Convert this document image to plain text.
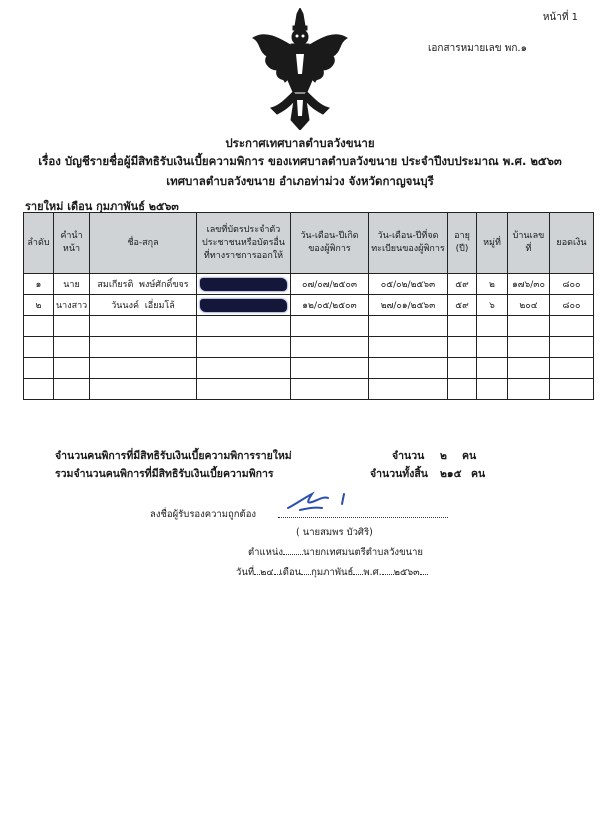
หน้าที่ 1
เอกสารหมายเลข พก.๑
ประกาศเทศบาลตำบลวังขนาย
เรื่อง บัญชีรายชื่อผู้มีสิทธิรับเงินเบี้ยความพิการ ของเทศบาลตำบลวังขนาย ประจำปีงบประมาณ พ.ศ. ๒๕๖๓
เทศบาลตำบลวังขนาย อำเภอท่าม่วง จังหวัดกาญจนบุรี
รายใหม่ เดือน กุมภาพันธ์ ๒๕๖๓
ลำดับ	คำนำหน้า	ชื่อ-สกุล	เลขที่บัตรประจำตัวประชาชนหรือบัตรอื่นที่ทางราชการออกให้	วัน-เดือน-ปีเกิดของผู้พิการ	วัน-เดือน-ปีที่จดทะเบียนของผู้พิการ	อายุ (ปี)	หมู่ที่	บ้านเลขที่	ยอดเงิน
๑	นาย	สมเกียรติ พงษ์ศักดิ์ขจร		๐๗/๐๗/๒๕๐๓	๐๕/๐๒/๒๕๖๓	๕๙	๒	๑๗๖/๓๐	๘๐๐
๒	นางสาว	วันนงค์ เอี่ยมโล้		๑๒/๐๕/๒๕๐๓	๒๗/๐๑/๒๕๖๓	๕๙	๖	๒๐๔	๘๐๐

จำนวนคนพิการที่มีสิทธิรับเงินเบี้ยความพิการรายใหม่	จำนวน ๒ คน
รวมจำนวนคนพิการที่มีสิทธิรับเงินเบี้ยความพิการ	จำนวนทั้งสิ้น ๒๑๕ คน
ลงชื่อผู้รับรองความถูกต้อง
( นายสมพร บัวศิริ)
ตำแหน่ง นายกเทศมนตรีตำบลวังขนาย
วันที่ ๒๔ เดือน กุมภาพันธ์ พ.ศ. ๒๕๖๓
